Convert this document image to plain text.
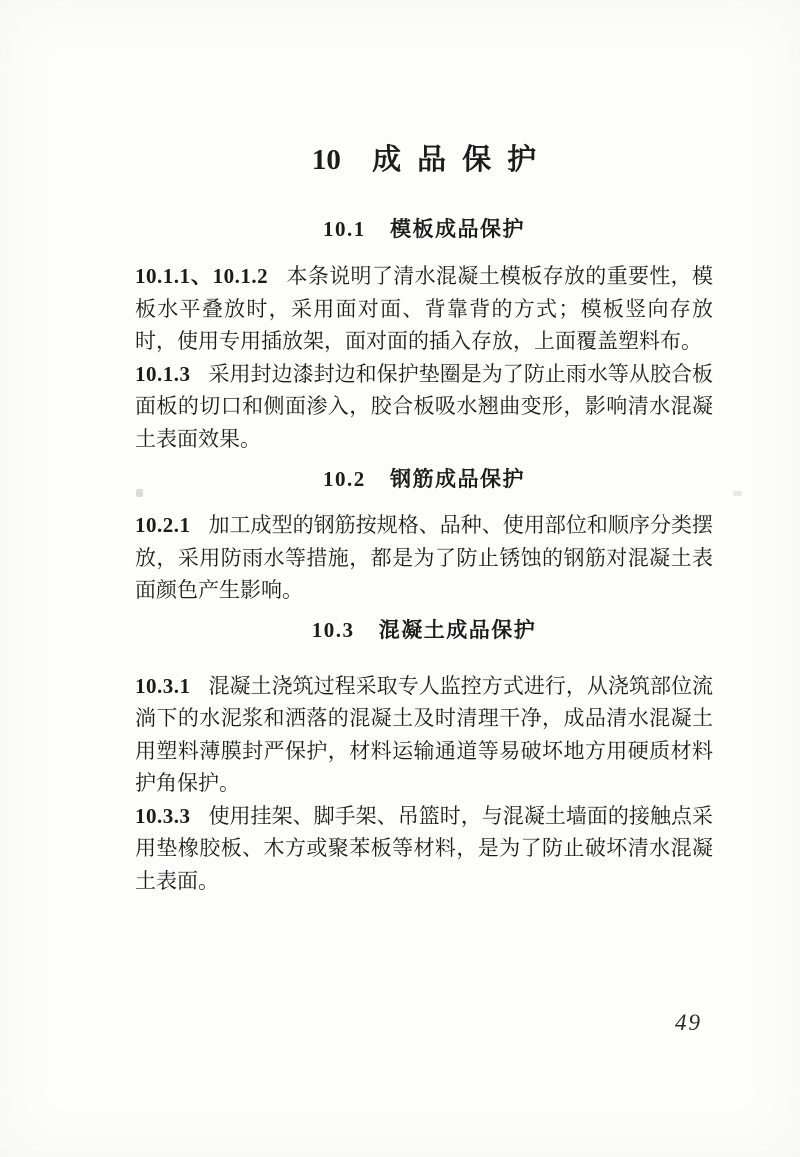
10 成品保护
10.1 模板成品保护

10.1.1、10.1.2 本条说明了清水混凝土模板存放的重要性，模板水平叠放时，采用面对面、背靠背的方式；模板竖向存放时，使用专用插放架，面对面的插入存放，上面覆盖塑料布。

10.1.3 采用封边漆封边和保护垫圈是为了防止雨水等从胶合板面板的切口和侧面渗入，胶合板吸水翘曲变形，影响清水混凝土表面效果。

10.2 钢筋成品保护

10.2.1 加工成型的钢筋按规格、品种、使用部位和顺序分类摆放，采用防雨水等措施，都是为了防止锈蚀的钢筋对混凝土表面颜色产生影响。

10.3 混凝土成品保护

10.3.1 混凝土浇筑过程采取专人监控方式进行，从浇筑部位流淌下的水泥浆和洒落的混凝土及时清理干净，成品清水混凝土用塑料薄膜封严保护，材料运输通道等易破坏地方用硬质材料护角保护。

10.3.3 使用挂架、脚手架、吊篮时，与混凝土墙面的接触点采用垫橡胶板、木方或聚苯板等材料，是为了防止破坏清水混凝土表面。

49
